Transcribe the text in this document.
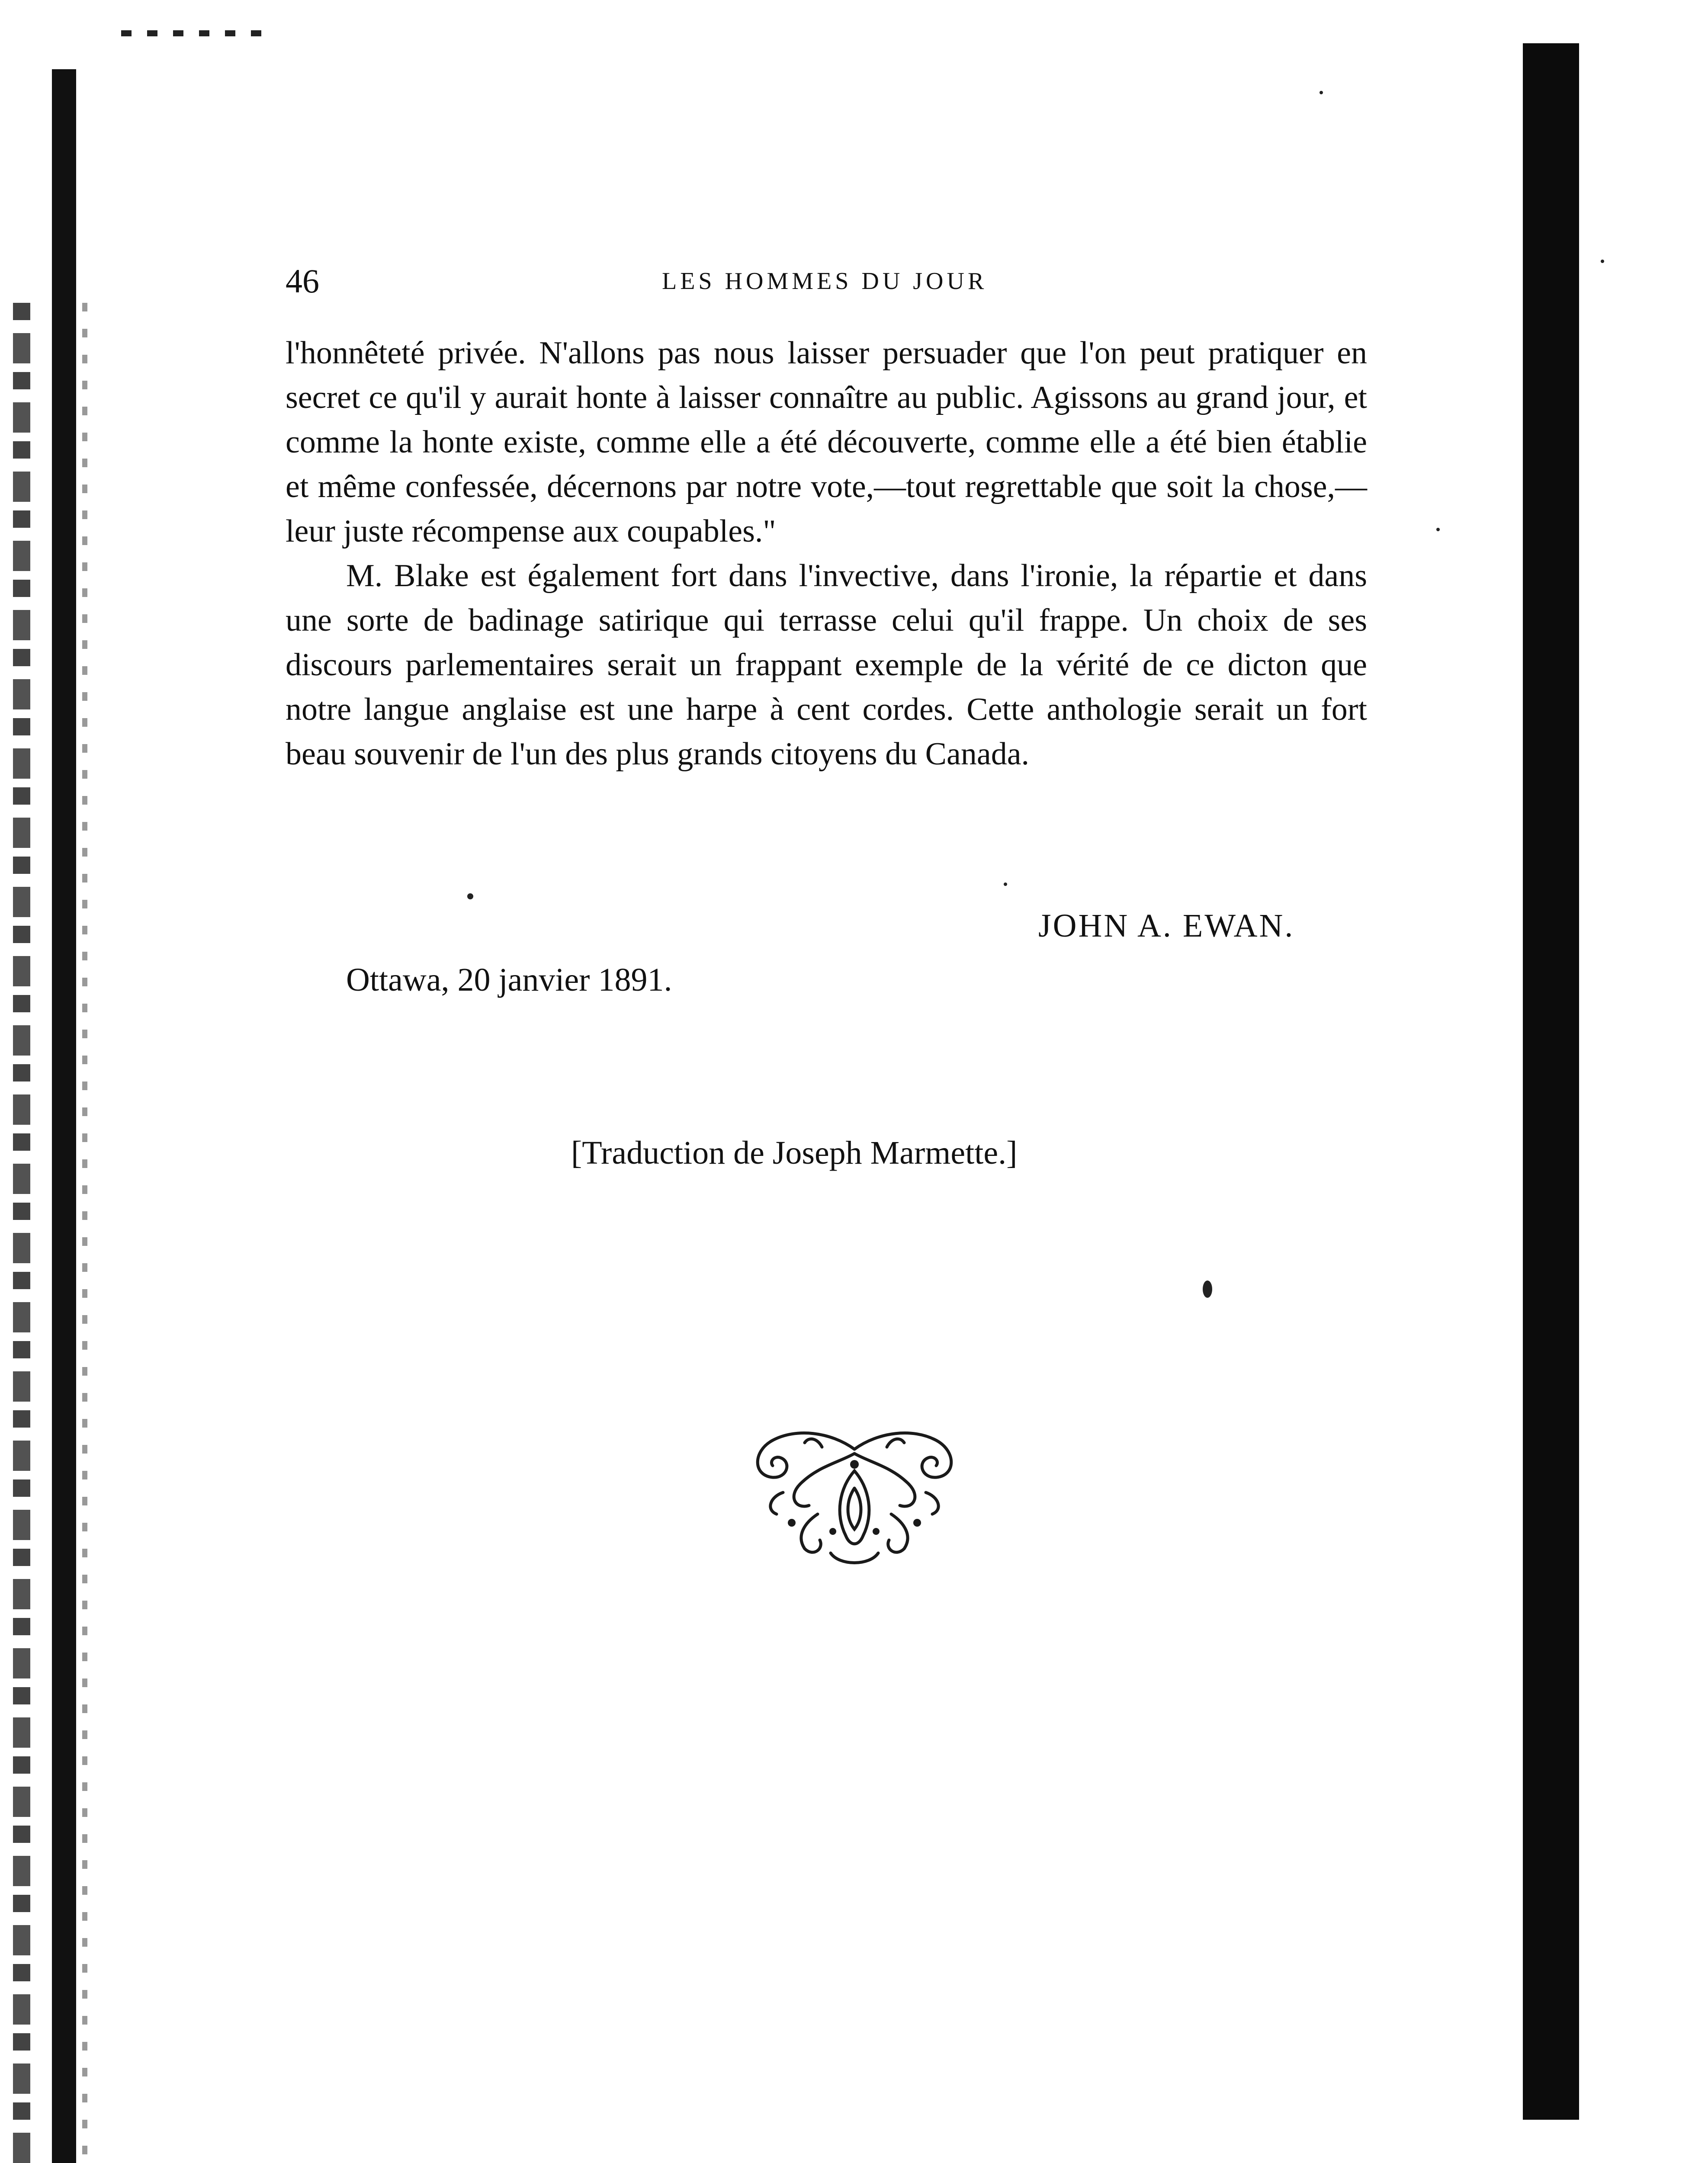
46	LES HOMMES DU JOUR

l'honnêteté privée. N'allons pas nous laisser persuader que l'on peut pratiquer en secret ce qu'il y aurait honte à laisser connaître au public. Agissons au grand jour, et comme la honte existe, comme elle a été découverte, comme elle a été bien établie et même confessée, décernons par notre vote,—tout regrettable que soit la chose,—leur juste récompense aux coupables."

M. Blake est également fort dans l'invective, dans l'ironie, la répartie et dans une sorte de badinage satirique qui terrasse celui qu'il frappe. Un choix de ses discours parlementaires serait un frappant exemple de la vérité de ce dicton que notre langue anglaise est une harpe à cent cordes. Cette anthologie serait un fort beau souvenir de l'un des plus grands citoyens du Canada.

JOHN A. EWAN.
Ottawa, 20 janvier 1891.
[Traduction de Joseph Marmette.]
